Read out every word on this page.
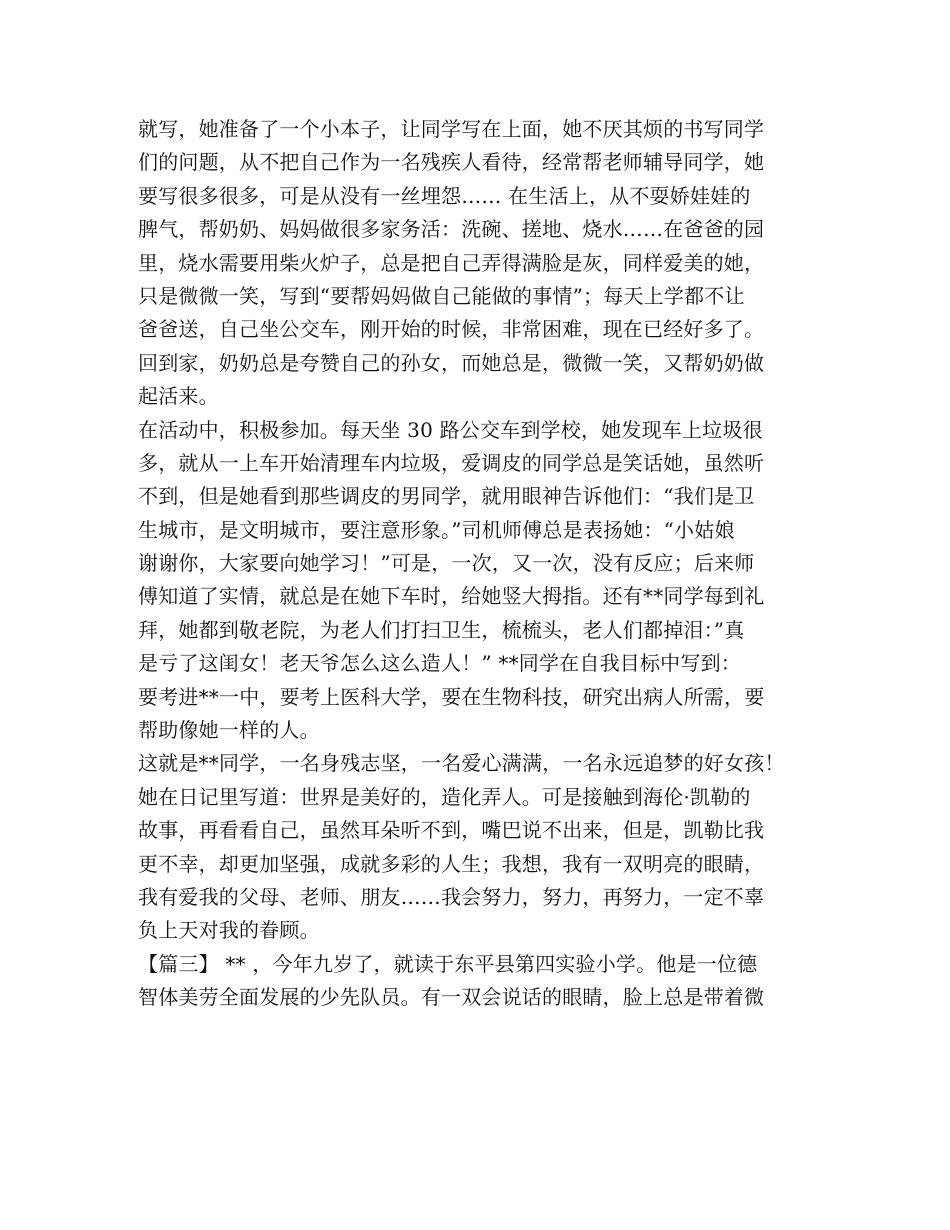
就写，她准备了一个小本子，让同学写在上面，她不厌其烦的书写同学
们的问题，从不把自己作为一名残疾人看待，经常帮老师辅导同学，她
要写很多很多，可是从没有一丝埋怨…… 在生活上，从不耍娇娃娃的
脾气，帮奶奶、妈妈做很多家务活：洗碗、搓地、烧水……在爸爸的园
里，烧水需要用柴火炉子，总是把自己弄得满脸是灰，同样爱美的她，
只是微微一笑，写到“要帮妈妈做自己能做的事情”；每天上学都不让
爸爸送，自己坐公交车，刚开始的时候，非常困难，现在已经好多了。
回到家，奶奶总是夸赞自己的孙女，而她总是，微微一笑，又帮奶奶做
起活来。
在活动中，积极参加。每天坐 30 路公交车到学校，她发现车上垃圾很
多，就从一上车开始清理车内垃圾，爱调皮的同学总是笑话她，虽然听
不到，但是她看到那些调皮的男同学，就用眼神告诉他们：“我们是卫
生城市，是文明城市，要注意形象。”司机师傅总是表扬她：“小姑娘
谢谢你，大家要向她学习！”可是，一次，又一次，没有反应；后来师
傅知道了实情，就总是在她下车时，给她竖大拇指。还有**同学每到礼
拜，她都到敬老院，为老人们打扫卫生，梳梳头，老人们都掉泪：”真
是亏了这闺女！老天爷怎么这么造人！” **同学在自我目标中写到：
要考进**一中，要考上医科大学，要在生物科技，研究出病人所需，要
帮助像她一样的人。
这就是**同学，一名身残志坚，一名爱心满满，一名永远追梦的好女孩！
她在日记里写道：世界是美好的，造化弄人。可是接触到海伦·凯勒的
故事，再看看自己，虽然耳朵听不到，嘴巴说不出来，但是，凯勒比我
更不幸，却更加坚强，成就多彩的人生；我想，我有一双明亮的眼睛，
我有爱我的父母、老师、朋友……我会努力，努力，再努力，一定不辜
负上天对我的眷顾。
【篇三】 ** ，今年九岁了，就读于东平县第四实验小学。他是一位德
智体美劳全面发展的少先队员。有一双会说话的眼睛，脸上总是带着微
